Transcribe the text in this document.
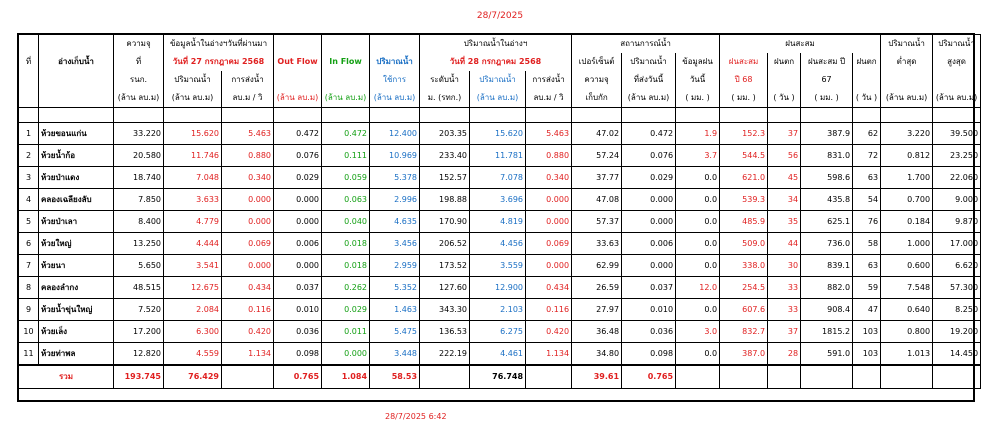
28/7/2025
		ความจุ	ข้อมูลน้ำในอ่างฯวันที่ผ่านมา					ปริมาณน้ำในอ่างฯ			สถานการณ์น้ำ			ฝนสะสม				ปริมาณน้ำ	ปริมาณน้ำ
ที่	อ่างเก็บน้ำ	ที่	วันที่ 27 กรกฎาคม 2568		Out Flow	In Flow	ปริมาณน้ำ	วันที่ 28 กรกฎาคม 2568			เปอร์เซ็นต์	ปริมาณน้ำ	ข้อมูลฝน	ฝนสะสม	ฝนตก	ฝนสะสม ปี	ฝนตก	ต่ำสุด	สูงสุด
		รนก.	ปริมาณน้ำ	การส่งน้ำ			ใช้การ	ระดับน้ำ	ปริมาณน้ำ	การส่งน้ำ	ความจุ	ที่ส่งวันนี้	วันนี้	ปี 68		67			
		(ล้าน ลบ.ม)	(ล้าน ลบ.ม)	ลบ.ม / วิ	(ล้าน ลบ.ม)	(ล้าน ลบ.ม)	(ล้าน ลบ.ม)	ม. (รทก.)	(ล้าน ลบ.ม)	ลบ.ม / วิ	เก็บกัก	(ล้าน ลบ.ม)	( มม. )	( มม. )	( วัน )	( มม. )	( วัน )	(ล้าน ลบ.ม)	(ล้าน ลบ.ม)

1	ห้วยขอนแก่น	33.220	15.620	5.463	0.472	0.472	12.400	203.35	15.620	5.463	47.02	0.472	1.9	152.3	37	387.9	62	3.220	39.500
2	ห้วยน้ำก้อ	20.580	11.746	0.880	0.076	0.111	10.969	233.40	11.781	0.880	57.24	0.076	3.7	544.5	56	831.0	72	0.812	23.250
3	ห้วยป่าแดง	18.740	7.048	0.340	0.029	0.059	5.378	152.57	7.078	0.340	37.77	0.029	0.0	621.0	45	598.6	63	1.700	22.060
4	คลองเฉลียงลับ	7.850	3.633	0.000	0.000	0.063	2.996	198.88	3.696	0.000	47.08	0.000	0.0	539.3	34	435.8	54	0.700	9.000
5	ห้วยป่าเลา	8.400	4.779	0.000	0.000	0.040	4.635	170.90	4.819	0.000	57.37	0.000	0.0	485.9	35	625.1	76	0.184	9.870
6	ห้วยใหญ่	13.250	4.444	0.069	0.006	0.018	3.456	206.52	4.456	0.069	33.63	0.006	0.0	509.0	44	736.0	58	1.000	17.000
7	ห้วยนา	5.650	3.541	0.000	0.000	0.018	2.959	173.52	3.559	0.000	62.99	0.000	0.0	338.0	30	839.1	63	0.600	6.620
8	คลองลำกง	48.515	12.675	0.434	0.037	0.262	5.352	127.60	12.900	0.434	26.59	0.037	12.0	254.5	33	882.0	59	7.548	57.300
9	ห้วยน้ำขุ่นใหญ่	7.520	2.084	0.116	0.010	0.029	1.463	343.30	2.103	0.116	27.97	0.010	0.0	607.6	33	908.4	47	0.640	8.250
10	ห้วยเล็ง	17.200	6.300	0.420	0.036	0.011	5.475	136.53	6.275	0.420	36.48	0.036	3.0	832.7	37	1815.2	103	0.800	19.200
11	ห้วยท่าพล	12.820	4.559	1.134	0.098	0.000	3.448	222.19	4.461	1.134	34.80	0.098	0.0	387.0	28	591.0	103	1.013	14.450
รวม		193.745	76.429		0.765	1.084	58.53		76.748		39.61	0.765							
28/7/2025 6:42
